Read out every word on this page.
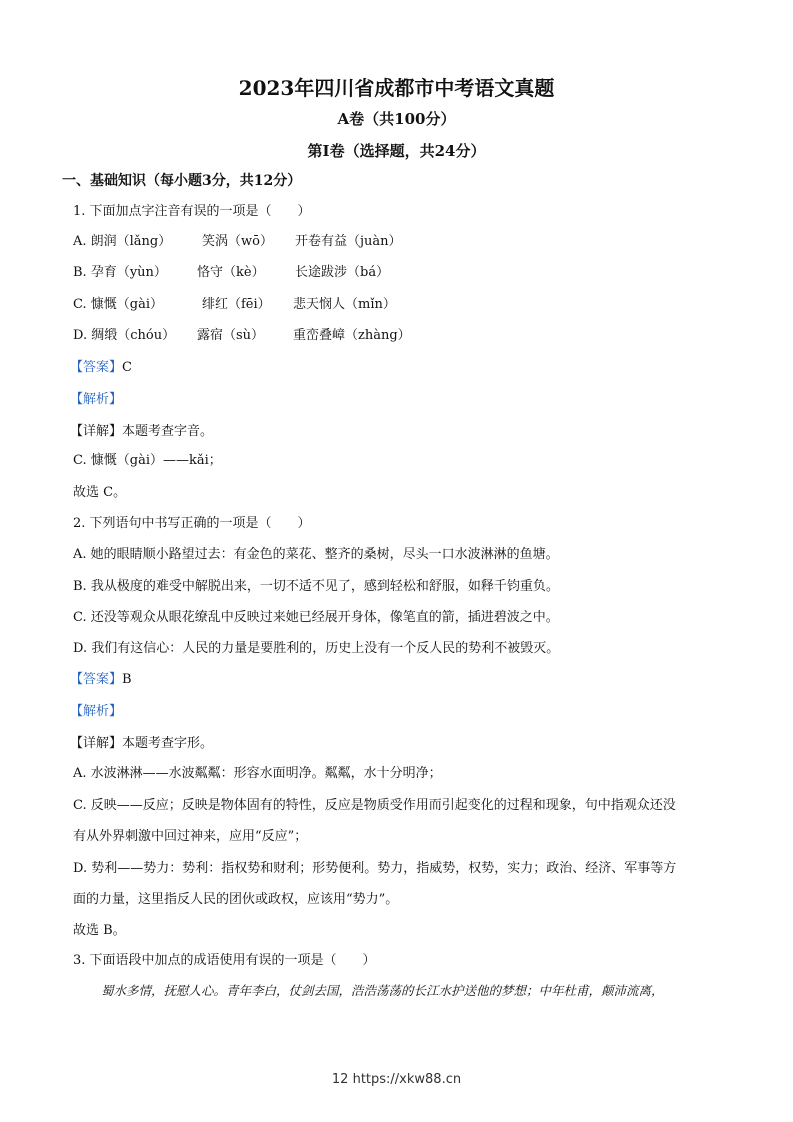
2023年四川省成都市中考语文真题
A卷（共100分）
第Ⅰ卷（选择题，共24分）
一、基础知识（每小题3分，共12分）
1. 下面加点字注音有误的一项是（　　）
A. 朗润（lǎng） 笑涡（wō） 开卷有益（juàn）
B. 孕育（yùn） 恪守（kè） 长途跋涉（bá）
C. 慷慨（gài）	绯红（fēi） 悲天悯人（mǐn）
D. 绸缎（chóu） 露宿（sù） 重峦叠嶂（zhàng）
【答案】C
【解析】
【详解】本题考查字音。
C. 慷慨（gài）——kǎi；
故选 C。
2. 下列语句中书写正确的一项是（　　）
A. 她的眼睛顺小路望过去：有金色的菜花、整齐的桑树，尽头一口水波淋淋的鱼塘。
B. 我从极度的难受中解脱出来，一切不适不见了，感到轻松和舒服，如释千钧重负。
C. 还没等观众从眼花缭乱中反映过来她已经展开身体，像笔直的箭，插进碧波之中。
D. 我们有这信心：人民的力量是要胜利的，历史上没有一个反人民的势利不被毁灭。
【答案】B
【解析】
【详解】本题考查字形。
A. 水波淋淋——水波粼粼：形容水面明净。粼粼，水十分明净；
C. 反映——反应；反映是物体固有的特性，反应是物质受作用而引起变化的过程和现象，句中指观众还没
有从外界刺激中回过神来，应用“反应”；
D. 势利——势力：势利：指权势和财利；形势便利。势力，指威势，权势，实力；政治、经济、军事等方
面的力量，这里指反人民的团伙或政权，应该用“势力”。
故选 B。
3. 下面语段中加点的成语使用有误的一项是（　　）
蜀水多情，抚慰人心。青年李白，仗剑去国，浩浩荡荡的长江水护送他的梦想；中年杜甫，颠沛流离，
12 https://xkw88.cn
